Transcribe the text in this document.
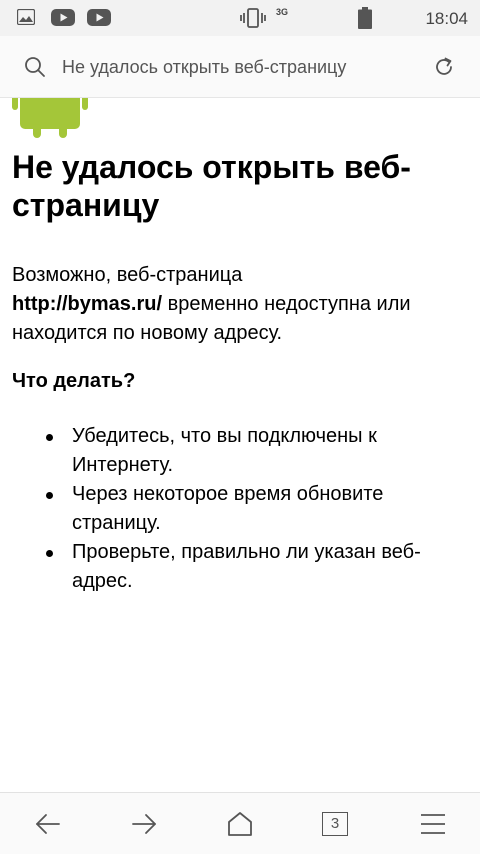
3G	18:04
Не удалось открыть веб-страницу
Не удалось открыть веб-страницу
Возможно, веб-страница
http://bymas.ru/ временно недоступна или находится по новому адресу.
Что делать?
Убедитесь, что вы подключены к Интернету.
Через некоторое время обновите страницу.
Проверьте, правильно ли указан веб-адрес.
3
